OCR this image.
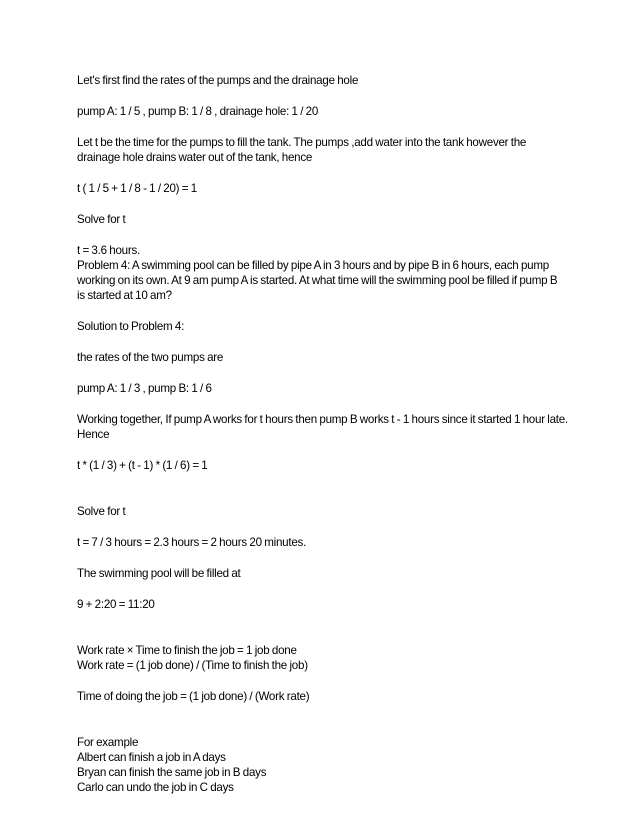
Let's first find the rates of the pumps and the drainage hole
pump A: 1 / 5 , pump B: 1 / 8 , drainage hole: 1 / 20
Let t be the time for the pumps to fill the tank. The pumps ,add water into the tank however the
drainage hole drains water out of the tank, hence
t ( 1 / 5 + 1 / 8 - 1 / 20) = 1
Solve for t
t = 3.6 hours.
Problem 4: A swimming pool can be filled by pipe A in 3 hours and by pipe B in 6 hours, each pump
working on its own. At 9 am pump A is started. At what time will the swimming pool be filled if pump B
is started at 10 am?
Solution to Problem 4:
the rates of the two pumps are
pump A: 1 / 3 , pump B: 1 / 6
Working together, If pump A works for t hours then pump B works t - 1 hours since it started 1 hour late.
Hence
t * (1 / 3) + (t - 1) * (1 / 6) = 1
Solve for t
t = 7 / 3 hours = 2.3 hours = 2 hours 20 minutes.
The swimming pool will be filled at
9 + 2:20 = 11:20
Work rate × Time to finish the job = 1 job done
Work rate = (1 job done) / (Time to finish the job)
Time of doing the job = (1 job done) / (Work rate)
For example
Albert can finish a job in A days
Bryan can finish the same job in B days
Carlo can undo the job in C days
